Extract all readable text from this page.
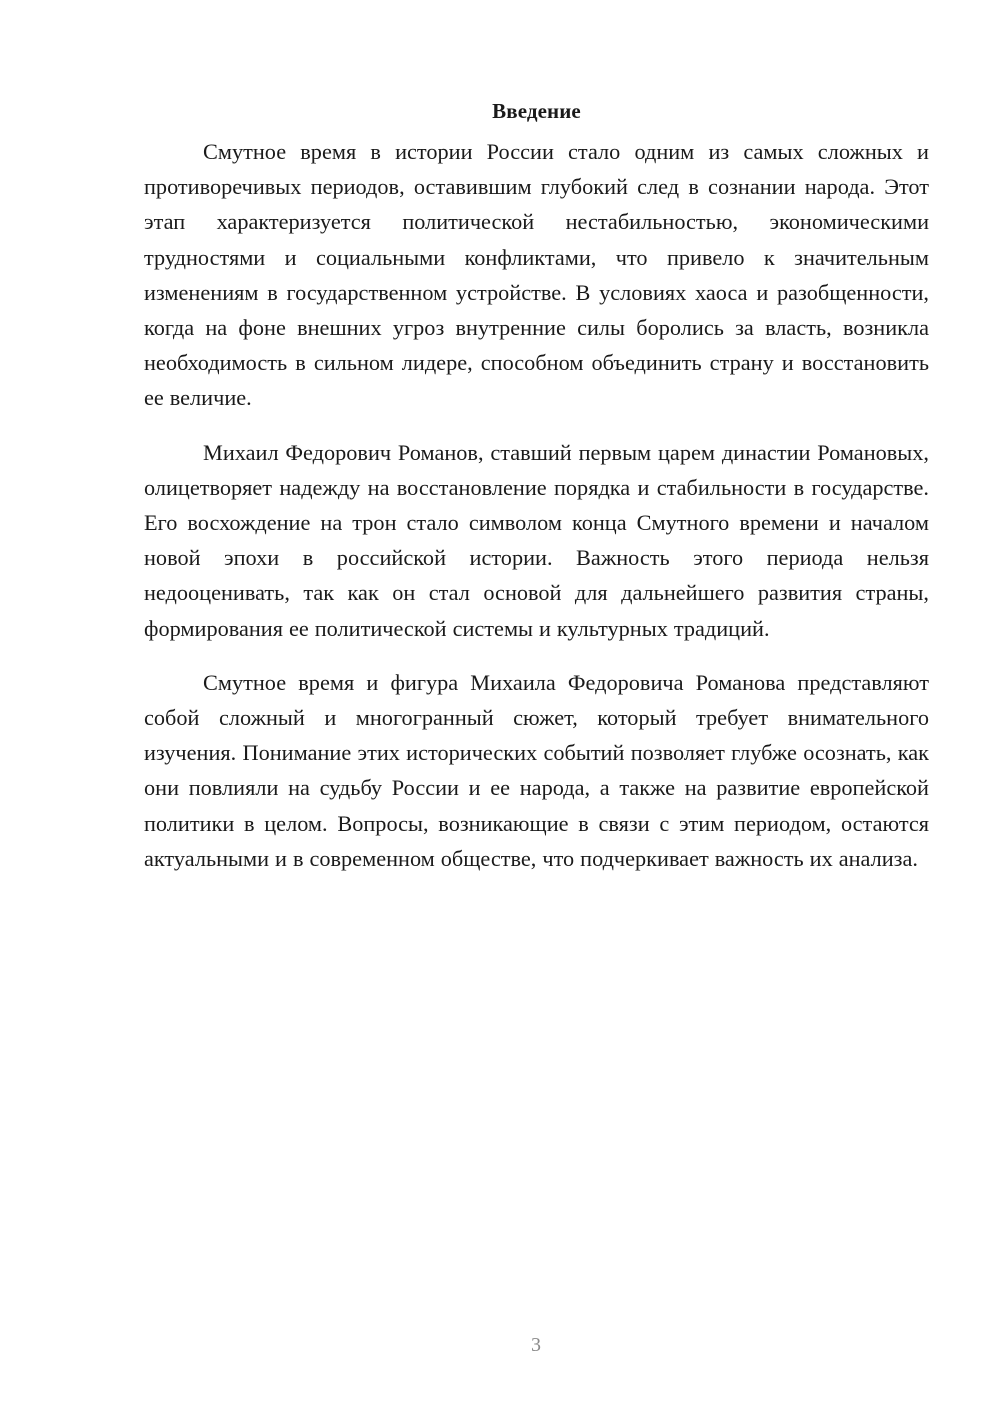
Введение

Смутное время в истории России стало одним из самых сложных и противоречивых периодов, оставившим глубокий след в сознании народа. Этот этап характеризуется политической нестабильностью, экономическими трудностями и социальными конфликтами, что привело к значительным изменениям в государственном устройстве. В условиях хаоса и разобщенности, когда на фоне внешних угроз внутренние силы боролись за власть, возникла необходимость в сильном лидере, способном объединить страну и восстановить ее величие.

Михаил Федорович Романов, ставший первым царем династии Романовых, олицетворяет надежду на восстановление порядка и стабильности в государстве. Его восхождение на трон стало символом конца Смутного времени и началом новой эпохи в российской истории. Важность этого периода нельзя недооценивать, так как он стал основой для дальнейшего развития страны, формирования ее политической системы и культурных традиций.

Смутное время и фигура Михаила Федоровича Романова представляют собой сложный и многогранный сюжет, который требует внимательного изучения. Понимание этих исторических событий позволяет глубже осознать, как они повлияли на судьбу России и ее народа, а также на развитие европейской политики в целом. Вопросы, возникающие в связи с этим периодом, остаются актуальными и в современном обществе, что подчеркивает важность их анализа.

3
